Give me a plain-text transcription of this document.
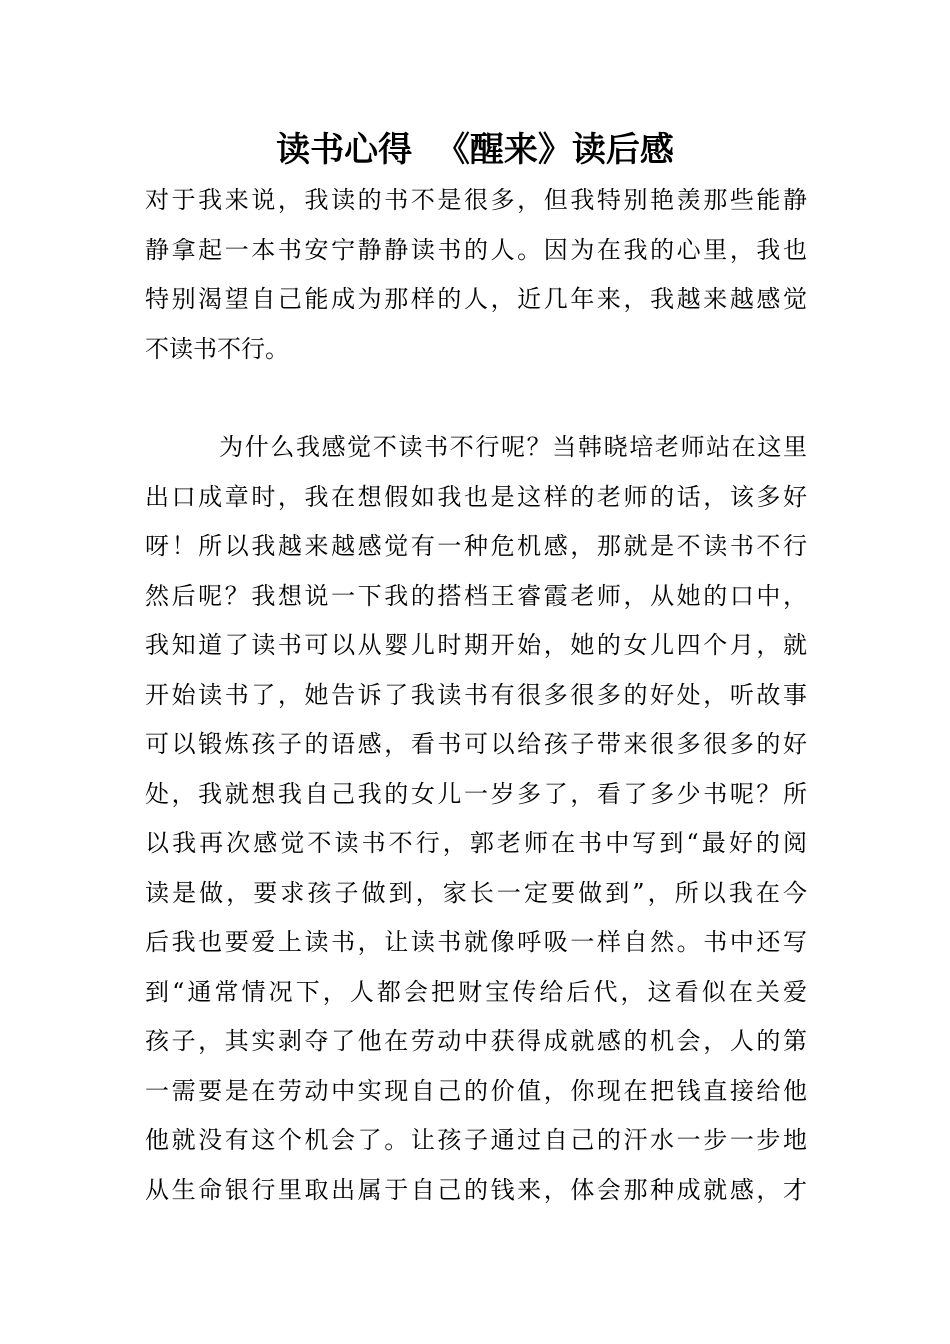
读书心得  《醒来》读后感
对于我来说，我读的书不是很多，但我特别艳羡那些能静
静拿起一本书安宁静静读书的人。因为在我的心里，我也
特别渴望自己能成为那样的人，近几年来，我越来越感觉
不读书不行。
为什么我感觉不读书不行呢？当韩晓培老师站在这里
出口成章时，我在想假如我也是这样的老师的话，该多好
呀！所以我越来越感觉有一种危机感，那就是不读书不行
然后呢？我想说一下我的搭档王睿霞老师，从她的口中，
我知道了读书可以从婴儿时期开始，她的女儿四个月，就
开始读书了，她告诉了我读书有很多很多的好处，听故事
可以锻炼孩子的语感，看书可以给孩子带来很多很多的好
处，我就想我自己我的女儿一岁多了，看了多少书呢？所
以我再次感觉不读书不行，郭老师在书中写到“最好的阅
读是做，要求孩子做到，家长一定要做到”，所以我在今
后我也要爱上读书，让读书就像呼吸一样自然。书中还写
到“通常情况下，人都会把财宝传给后代，这看似在关爱
孩子，其实剥夺了他在劳动中获得成就感的机会，人的第
一需要是在劳动中实现自己的价值，你现在把钱直接给他
他就没有这个机会了。让孩子通过自己的汗水一步一步地
从生命银行里取出属于自己的钱来，体会那种成就感，才
